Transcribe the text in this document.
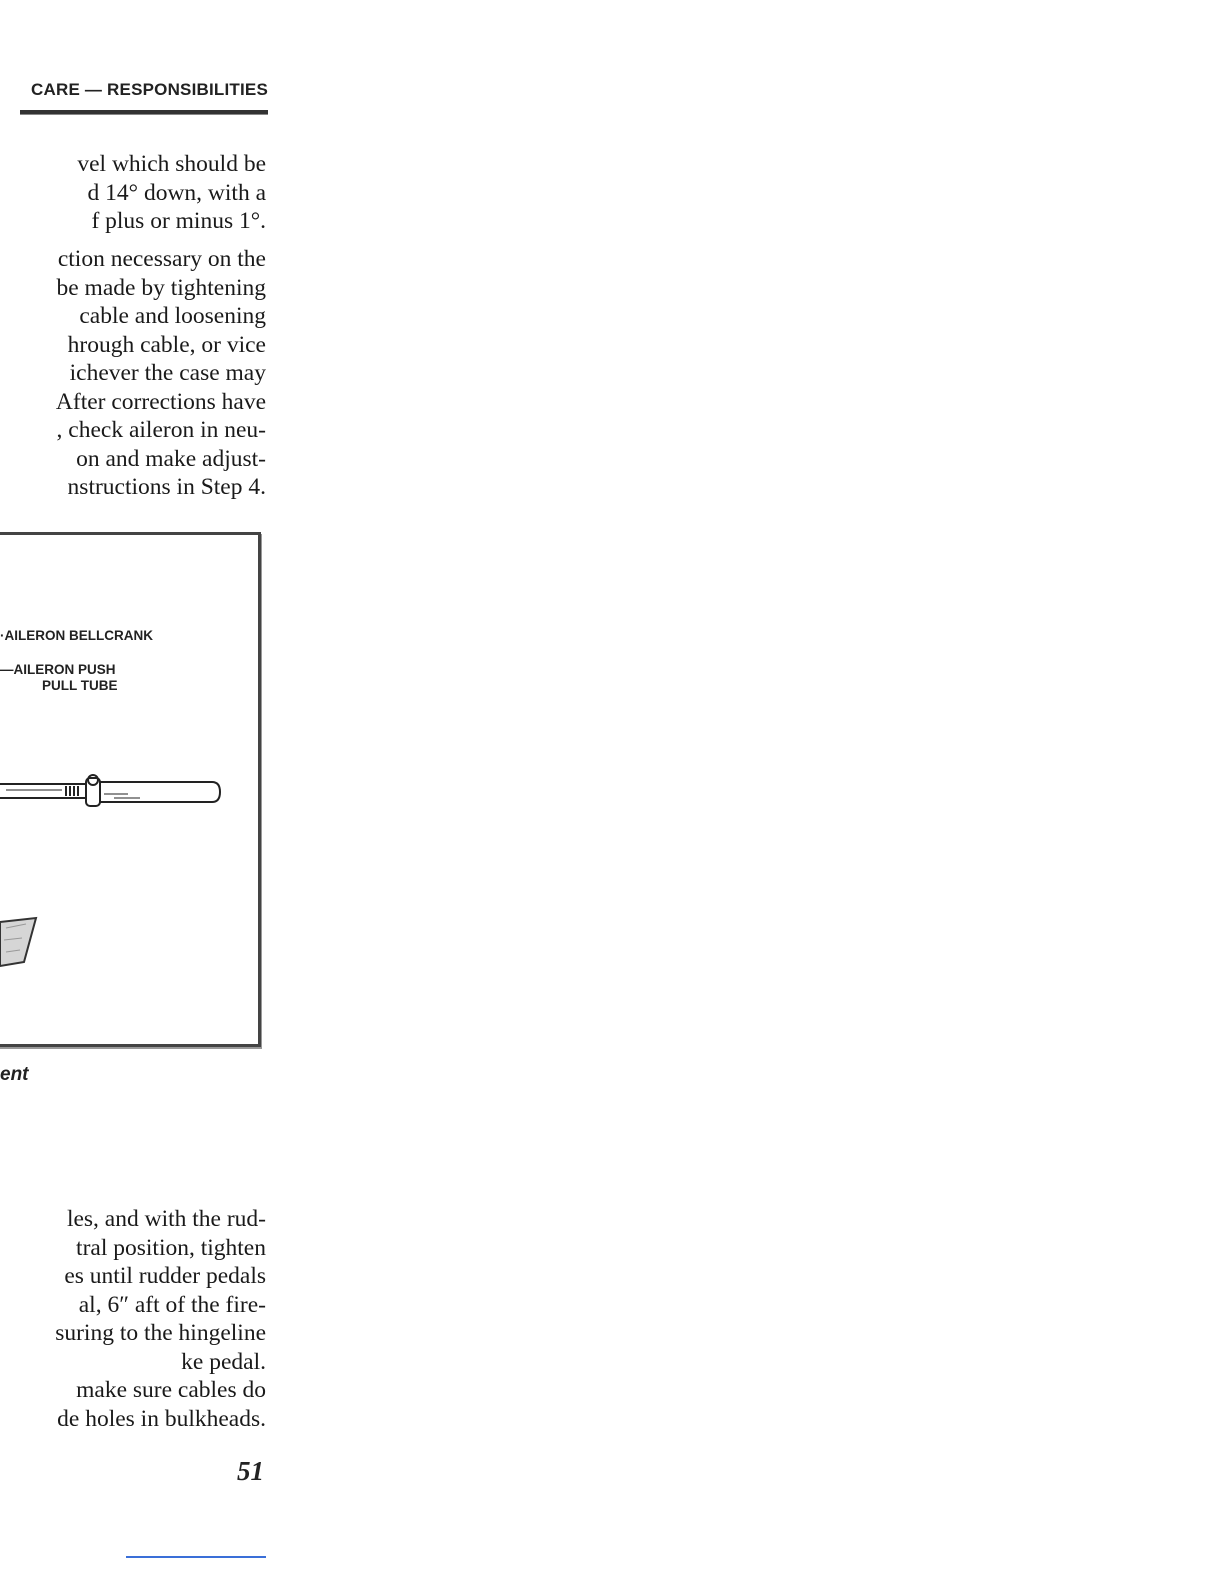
CARE — RESPONSIBILITIES

vel which should be
d 14° down, with a
f plus or minus 1°.

ction necessary on the
be made by tightening
cable and loosening
hrough cable, or vice
ichever the case may
After corrections have
, check aileron in neu-
on and make adjust-
nstructions in Step 4.

·AILERON BELLCRANK

—AILERON PUSH

PULL TUBE

ent

les, and with the rud-
tral position, tighten
es until rudder pedals
al, 6″ aft of the fire-
suring to the hingeline
ke pedal.
make sure cables do
de holes in bulkheads.

51
